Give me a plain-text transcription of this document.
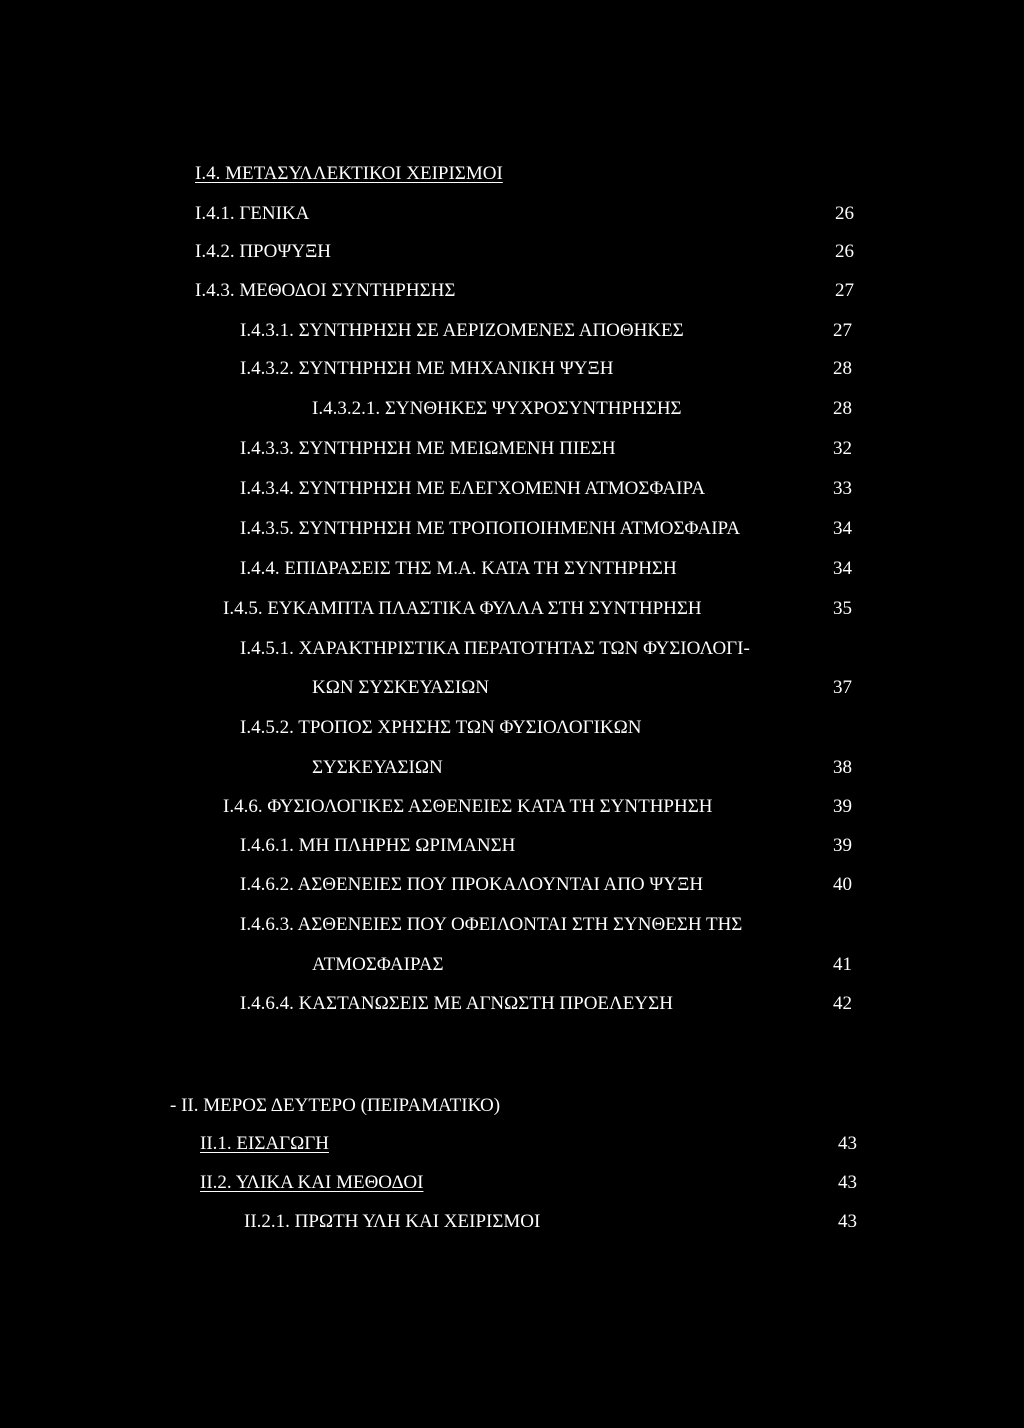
Ι.4. ΜΕΤΑΣΥΛΛΕΚΤΙΚΟΙ ΧΕΙΡΙΣΜΟΙ
Ι.4.1. ΓΕΝΙΚΑ	26
Ι.4.2. ΠΡΟΨΥΞΗ	26
Ι.4.3. ΜΕΘΟΔΟΙ ΣΥΝΤΗΡΗΣΗΣ	27
Ι.4.3.1. ΣΥΝΤΗΡΗΣΗ ΣΕ ΑΕΡΙΖΟΜΕΝΕΣ ΑΠΟΘΗΚΕΣ	27
Ι.4.3.2. ΣΥΝΤΗΡΗΣΗ ΜΕ ΜΗΧΑΝΙΚΗ ΨΥΞΗ	28
Ι.4.3.2.1. ΣΥΝΘΗΚΕΣ ΨΥΧΡΟΣΥΝΤΗΡΗΣΗΣ	28
Ι.4.3.3. ΣΥΝΤΗΡΗΣΗ ΜΕ ΜΕΙΩΜΕΝΗ ΠΙΕΣΗ	32
Ι.4.3.4. ΣΥΝΤΗΡΗΣΗ ΜΕ ΕΛΕΓΧΟΜΕΝΗ ΑΤΜΟΣΦΑΙΡΑ	33
Ι.4.3.5. ΣΥΝΤΗΡΗΣΗ ΜΕ ΤΡΟΠΟΠΟΙΗΜΕΝΗ ΑΤΜΟΣΦΑΙΡΑ	34
Ι.4.4. ΕΠΙΔΡΑΣΕΙΣ ΤΗΣ Μ.Α. ΚΑΤΑ ΤΗ ΣΥΝΤΗΡΗΣΗ	34
Ι.4.5. ΕΥΚΑΜΠΤΑ ΠΛΑΣΤΙΚΑ ΦΥΛΛΑ ΣΤΗ ΣΥΝΤΗΡΗΣΗ	35
Ι.4.5.1. ΧΑΡΑΚΤΗΡΙΣΤΙΚΑ ΠΕΡΑΤΟΤΗΤΑΣ ΤΩΝ ΦΥΣΙΟΛΟΓΙ-
ΚΩΝ ΣΥΣΚΕΥΑΣΙΩΝ	37
Ι.4.5.2. ΤΡΟΠΟΣ ΧΡΗΣΗΣ ΤΩΝ ΦΥΣΙΟΛΟΓΙΚΩΝ
ΣΥΣΚΕΥΑΣΙΩΝ	38
Ι.4.6. ΦΥΣΙΟΛΟΓΙΚΕΣ ΑΣΘΕΝΕΙΕΣ ΚΑΤΑ ΤΗ ΣΥΝΤΗΡΗΣΗ	39
Ι.4.6.1. ΜΗ ΠΛΗΡΗΣ ΩΡΙΜΑΝΣΗ	39
Ι.4.6.2. ΑΣΘΕΝΕΙΕΣ ΠΟΥ ΠΡΟΚΑΛΟΥΝΤΑΙ ΑΠΟ ΨΥΞΗ	40
Ι.4.6.3. ΑΣΘΕΝΕΙΕΣ ΠΟΥ ΟΦΕΙΛΟΝΤΑΙ ΣΤΗ ΣΥΝΘΕΣΗ ΤΗΣ
ΑΤΜΟΣΦΑΙΡΑΣ	41
Ι.4.6.4. ΚΑΣΤΑΝΩΣΕΙΣ ΜΕ ΑΓΝΩΣΤΗ ΠΡΟΕΛΕΥΣΗ	42
- ΙΙ. ΜΕΡΟΣ ΔΕΥΤΕΡΟ (ΠΕΙΡΑΜΑΤΙΚΟ)
ΙΙ.1. ΕΙΣΑΓΩΓΗ	43
ΙΙ.2. ΥΛΙΚΑ ΚΑΙ ΜΕΘΟΔΟΙ	43
ΙΙ.2.1. ΠΡΩΤΗ ΥΛΗ ΚΑΙ ΧΕΙΡΙΣΜΟΙ	43
